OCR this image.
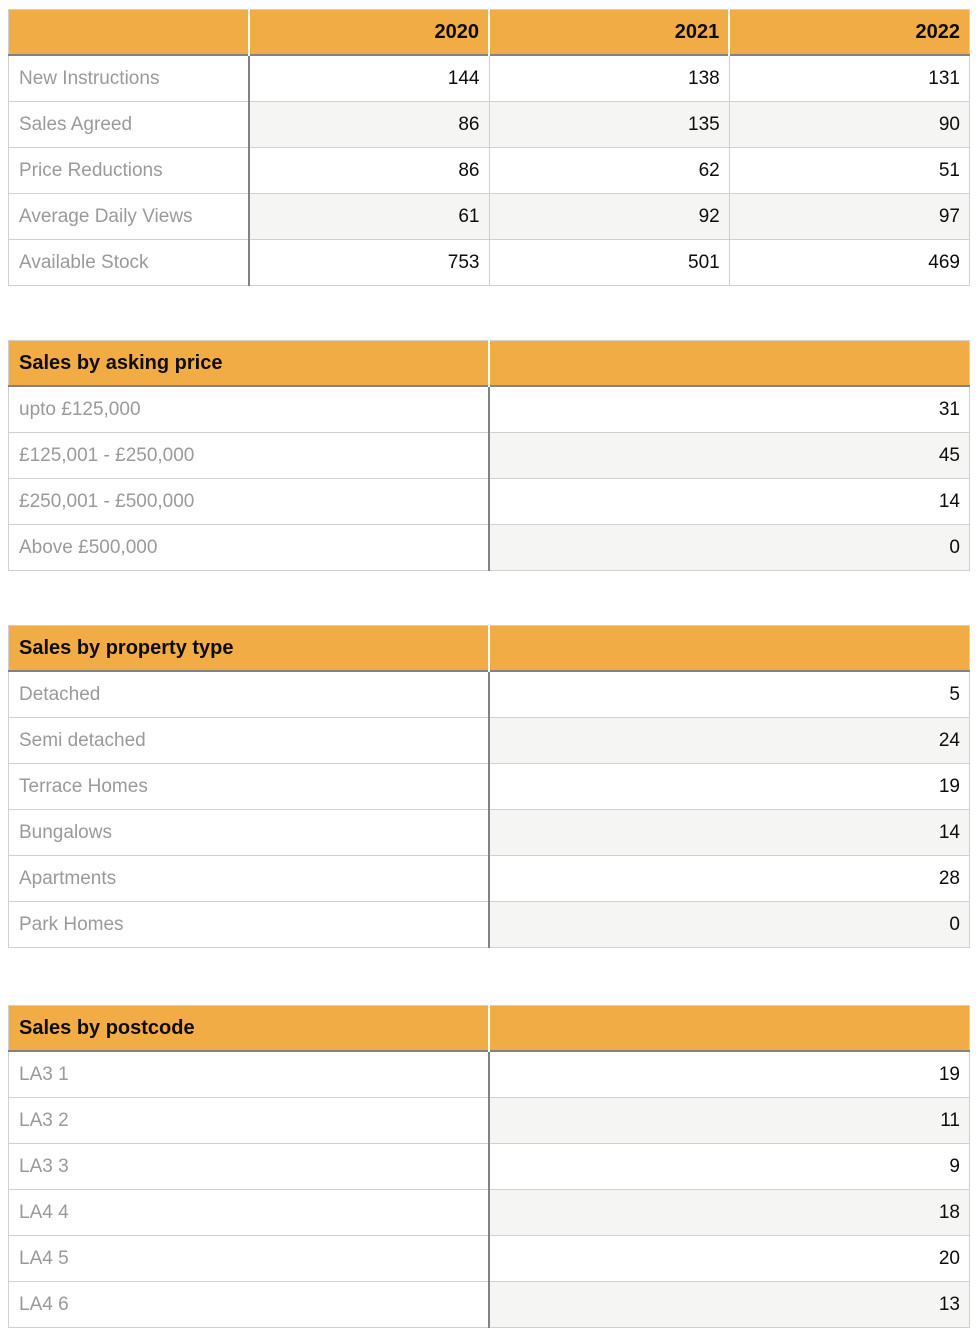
	2020	2021	2022
New Instructions	144	138	131
Sales Agreed	86	135	90
Price Reductions	86	62	51
Average Daily Views	61	92	97
Available Stock	753	501	469
Sales by asking price	
upto £125,000	31
£125,001 - £250,000	45
£250,001 - £500,000	14
Above £500,000	0
Sales by property type	
Detached	5
Semi detached	24
Terrace Homes	19
Bungalows	14
Apartments	28
Park Homes	0
Sales by postcode	
LA3 1	19
LA3 2	11
LA3 3	9
LA4 4	18
LA4 5	20
LA4 6	13
